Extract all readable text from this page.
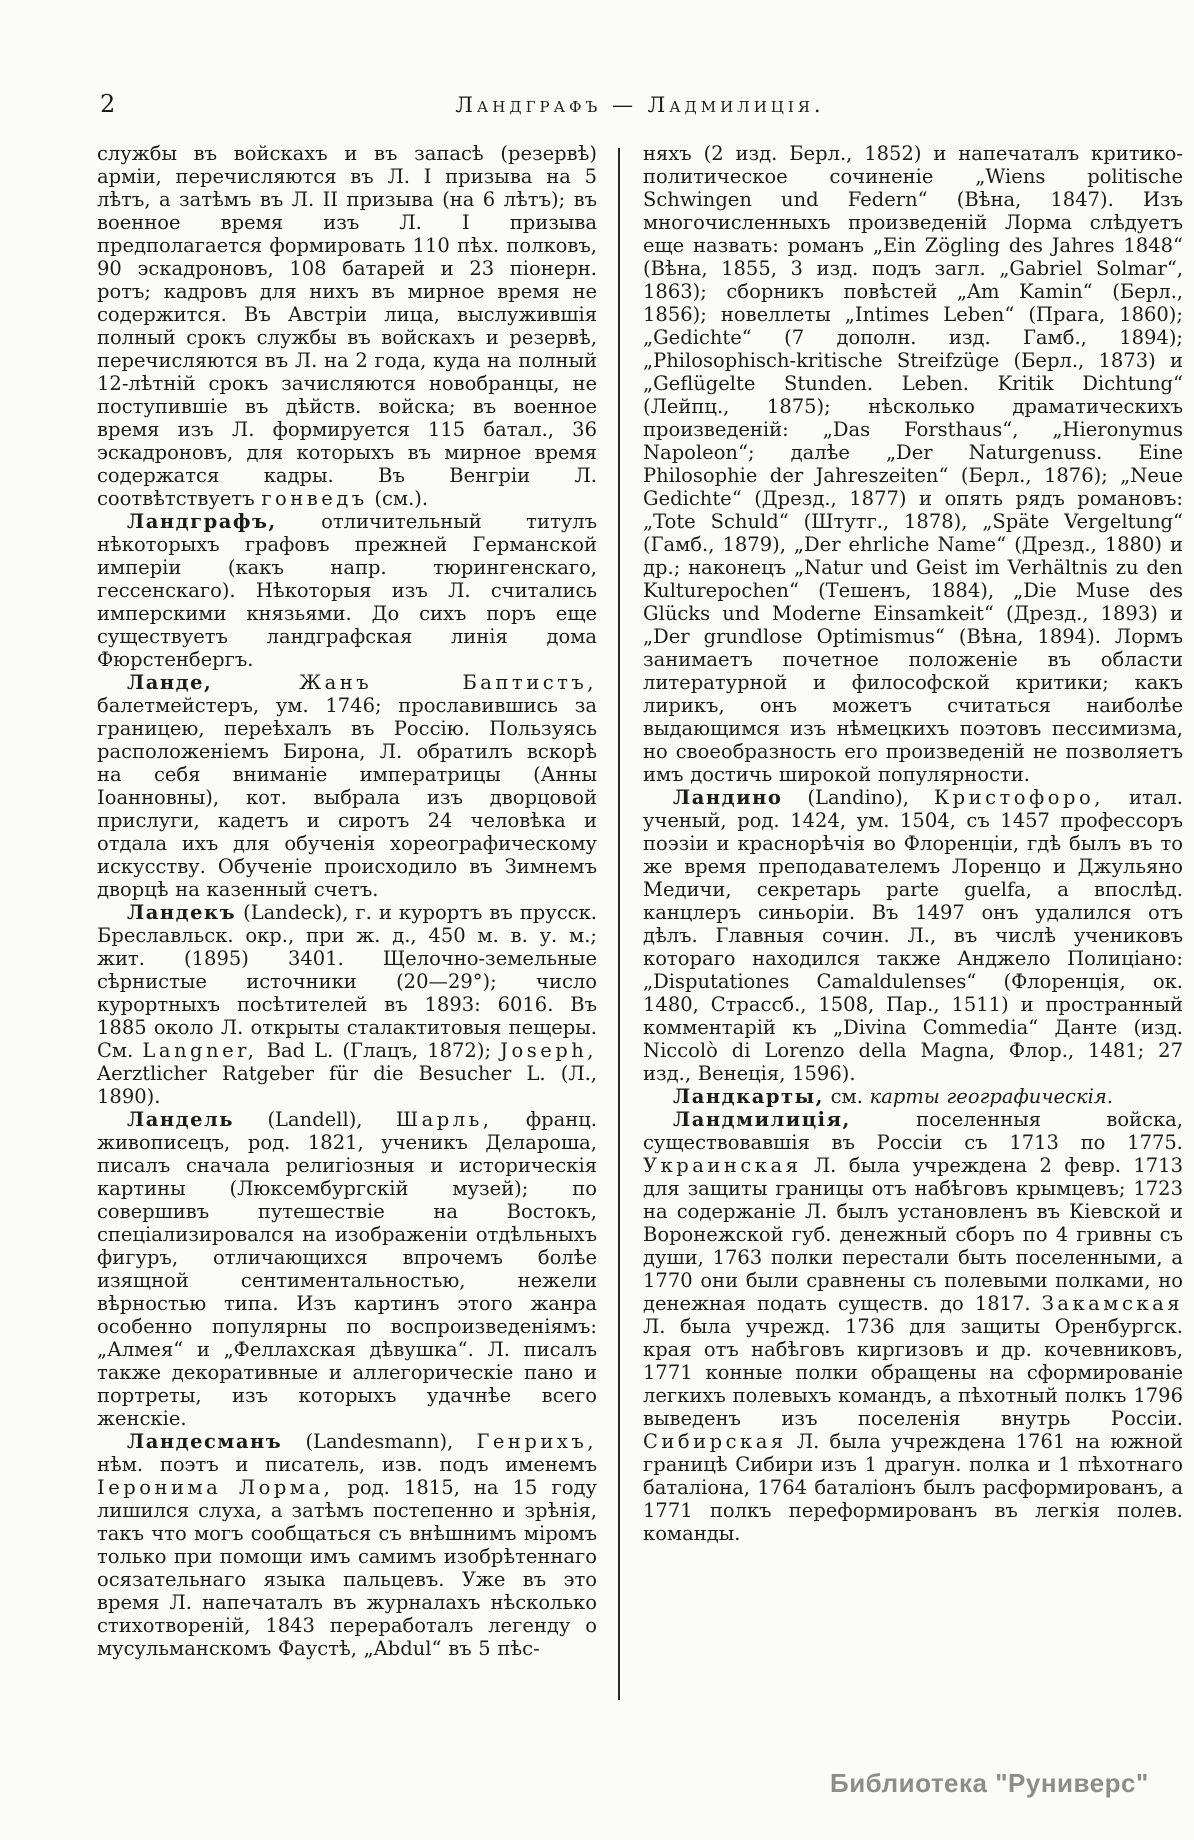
2	Ландграфъ — Ладмилиція.

службы въ войскахъ и въ запасѣ (резервѣ) арміи, перечисляются въ Л. I призыва на 5 лѣтъ, а затѣмъ въ Л. II призыва (на 6 лѣтъ); въ военное время изъ Л. I призыва предполагается формировать 110 пѣх. полковъ, 90 эскадроновъ, 108 батарей и 23 піонерн. ротъ; кадровъ для нихъ въ мирное время не содержится. Въ Австріи лица, выслужившія полный срокъ службы въ войскахъ и резервѣ, перечисляются въ Л. на 2 года, куда на полный 12-лѣтній срокъ зачисляются новобранцы, не поступившіе въ дѣйств. войска; въ военное время изъ Л. формируется 115 батал., 36 эскадроновъ, для которыхъ въ мирное время содержатся кадры. Въ Венгріи Л. соотвѣтствуетъ гонведъ (см.).

Ландграфъ, отличительный титулъ нѣкоторыхъ графовъ прежней Германской имперіи (какъ напр. тюрингенскаго, гессенскаго). Нѣкоторыя изъ Л. считались имперскими князьями. До сихъ поръ еще существуетъ ландграфская линія дома Фюрстенбергъ.

Ланде,	Жанъ Баптистъ, балетмейстеръ, ум. 1746; прославившись за границею, переѣхалъ въ Россію. Пользуясь расположеніемъ Бирона, Л. обратилъ вскорѣ на себя вниманіе императрицы (Анны Іоанновны), кот. выбрала изъ дворцовой прислуги, кадетъ и сиротъ 24 человѣка и отдала ихъ для обученія хореографическому искусству. Обученіе происходило въ Зимнемъ дворцѣ на казенный счетъ.

Ландекъ (Landeck), г. и курортъ въ прусск. Бреславльск. окр., при ж. д., 450 м. в. у. м.; жит. (1895) 3401. Щелочно-земельные сѣрнистые источники (20—29°); число курортныхъ посѣтителей въ 1893: 6016. Въ 1885 около Л. открыты сталактитовыя пещеры. См. Langner, Bad L. (Глацъ, 1872); Joseph, Aerztlicher Ratgeber für die Besucher L. (Л., 1890).

Ландель (Landell), Шарль, франц. живописецъ, род. 1821, ученикъ Делароша, писалъ сначала религіозныя и историческія картины (Люксембургскій музей); по совершивъ путешествіе на Востокъ, спеціализировался на изображеніи отдѣльныхъ фигуръ, отличающихся впрочемъ болѣе изящной сентиментальностью, нежели вѣрностью типа. Изъ картинъ этого жанра особенно популярны по воспроизведеніямъ: „Алмея“ и „Феллахская дѣвушка“. Л. писалъ также декоративные и аллегорическіе пано и портреты, изъ которыхъ удачнѣе всего женскіе.

Ландесманъ (Landesmann), Генрихъ, нѣм. поэтъ и писатель, изв. подъ именемъ Іеронима Лорма, род. 1815, на 15 году лишился слуха, а затѣмъ постепенно и зрѣнія, такъ что могъ сообщаться съ внѣшнимъ міромъ только при помощи имъ самимъ изобрѣтеннаго осязательнаго языка пальцевъ. Уже въ это время Л. напечаталъ въ журналахъ нѣсколько стихотвореній, 1843 переработалъ легенду о мусульманскомъ Фаустѣ, „Abdul“ въ 5 пѣс-

няхъ (2 изд. Берл., 1852) и напечаталъ критико-политическое сочиненіе „Wiens politische Schwingen und Federn“ (Вѣна, 1847). Изъ многочисленныхъ произведеній Лорма слѣдуетъ еще назвать: романъ „Ein Zögling des Jahres 1848“ (Вѣна, 1855, 3 изд. подъ загл. „Gabriel Solmar“, 1863); сборникъ повѣстей „Am Kamin“ (Берл., 1856); новеллеты „Intimes Leben“ (Прага, 1860); „Gedichte“ (7 дополн. изд. Гамб., 1894); „Philosophisch-kritische Streifzüge (Берл., 1873) и „Geflügelte Stunden. Leben. Kritik Dichtung“ (Лейпц., 1875); нѣсколько драматическихъ произведеній: „Das Forsthaus“, „Hieronymus Napoleon“; далѣе „Der Naturgenuss. Eine Philosophie der Jahreszeiten“ (Берл., 1876); „Neue Gedichte“ (Дрезд., 1877) и опять рядъ романовъ: „Tote Schuld“ (Штутг., 1878), „Späte Vergeltung“ (Гамб., 1879), „Der ehrliche Name“ (Дрезд., 1880) и др.; наконецъ „Natur und Geist im Verhältnis zu den Kulturepochen“ (Тешенъ, 1884), „Die Muse des Glücks und Moderne Einsamkeit“ (Дрезд., 1893) и „Der grundlose Optimismus“ (Вѣна, 1894). Лормъ занимаетъ почетное положеніе въ области литературной и философской критики; какъ лирикъ, онъ можетъ считаться наиболѣе выдающимся изъ нѣмецкихъ поэтовъ пессимизма, но своеобразность его произведеній не позволяетъ имъ достичь широкой популярности.

Ландино (Landino), Кристофоро, итал. ученый, род. 1424, ум. 1504, съ 1457 профессоръ поэзіи и краснорѣчія во Флоренціи, гдѣ былъ въ то же время преподавателемъ Лоренцо и Джульяно Медичи, секретарь parte guelfa, а впослѣд. канцлеръ синьоріи. Въ 1497 онъ удалился отъ дѣлъ. Главныя сочин. Л., въ числѣ учениковъ котораго находился также Анджело Полиціано: „Disputationes Camaldulenses“ (Флоренція, ок. 1480, Страссб., 1508, Пар., 1511) и пространный комментарій къ „Divina Commedia“ Данте (изд. Niccolò di Lorenzo della Magna, Флор., 1481; 27 изд., Венеція, 1596).

Ландкарты, см. карты географическія.

Ландмилиція, поселенныя войска, существовавшія въ Россіи съ 1713 по 1775. Украинская Л. была учреждена 2 февр. 1713 для защиты границы отъ набѣговъ крымцевъ; 1723 на содержаніе Л. былъ установленъ въ Кіевской и Воронежской губ. денежный сборъ по 4 гривны съ души, 1763 полки перестали быть поселенными, а 1770 они были сравнены съ полевыми полками, но денежная подать существ. до 1817. Закамская Л. была учрежд. 1736 для защиты Оренбургск. края отъ набѣговъ киргизовъ и др. кочевниковъ, 1771 конные полки обращены на сформированіе легкихъ полевыхъ командъ, а пѣхотный полкъ 1796 выведенъ изъ поселенія внутрь Россіи. Сибирская Л. была учреждена 1761 на южной границѣ Сибири изъ 1 драгун. полка и 1 пѣхотнаго баталіона, 1764 баталіонъ былъ расформированъ, а 1771 полкъ переформированъ въ легкія полев. команды.

Библиотека "Руниверс"
